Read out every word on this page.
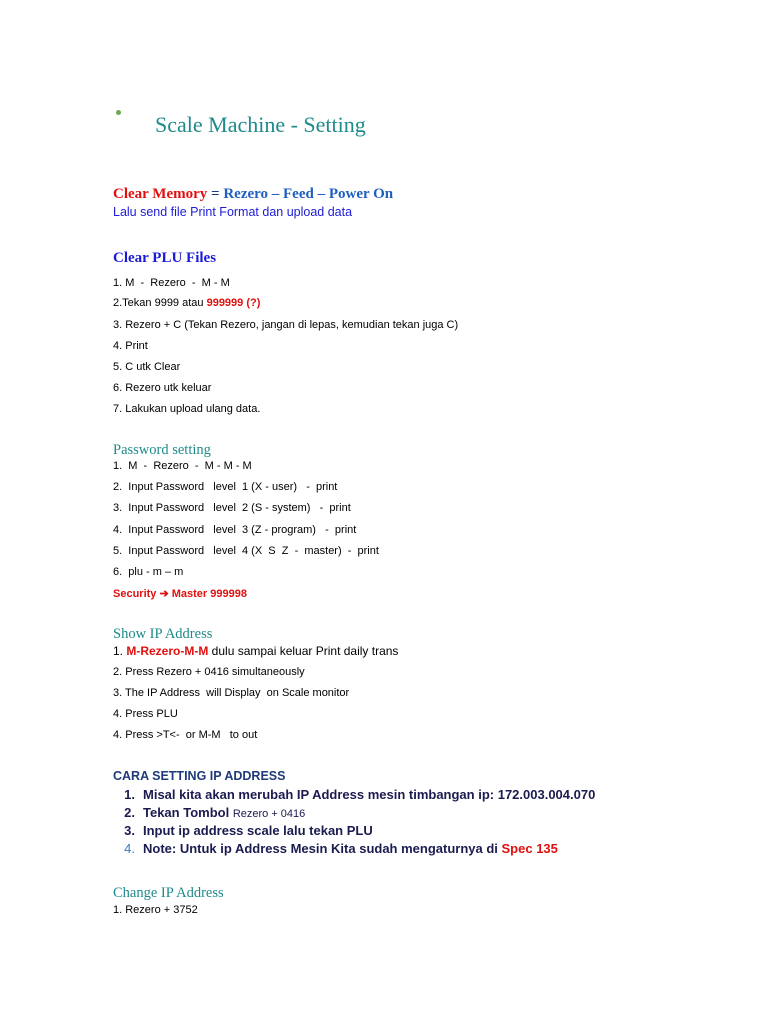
Scale Machine - Setting
Clear Memory = Rezero – Feed – Power On
Lalu send file Print Format dan upload data
Clear PLU Files
1. M  -  Rezero  -  M - M
2.Tekan 9999 atau 999999 (?)
3. Rezero + C (Tekan Rezero, jangan di lepas, kemudian tekan juga C)
4. Print
5. C utk Clear
6. Rezero utk keluar
7. Lakukan upload ulang data.
Password setting
1.  M  -  Rezero  -  M - M - M
2.  Input Password   level  1 (X - user)   -  print
3.  Input Password   level  2 (S - system)   -  print
4.  Input Password   level  3 (Z - program)   -  print
5.  Input Password   level  4 (X  S  Z  -  master)  -  print
6.  plu - m – m
Security ➔ Master 999998
Show IP Address
1. M-Rezero-M-M dulu sampai keluar Print daily trans
2. Press Rezero + 0416 simultaneously
3. The IP Address  will Display  on Scale monitor
4. Press PLU
4. Press >T<-  or M-M   to out
CARA SETTING IP ADDRESS
1. Misal kita akan merubah IP Address mesin timbangan ip: 172.003.004.070
2. Tekan Tombol Rezero + 0416
3. Input ip address scale lalu tekan PLU
4. Note: Untuk ip Address Mesin Kita sudah mengaturnya di Spec 135
Change IP Address
1. Rezero + 3752
